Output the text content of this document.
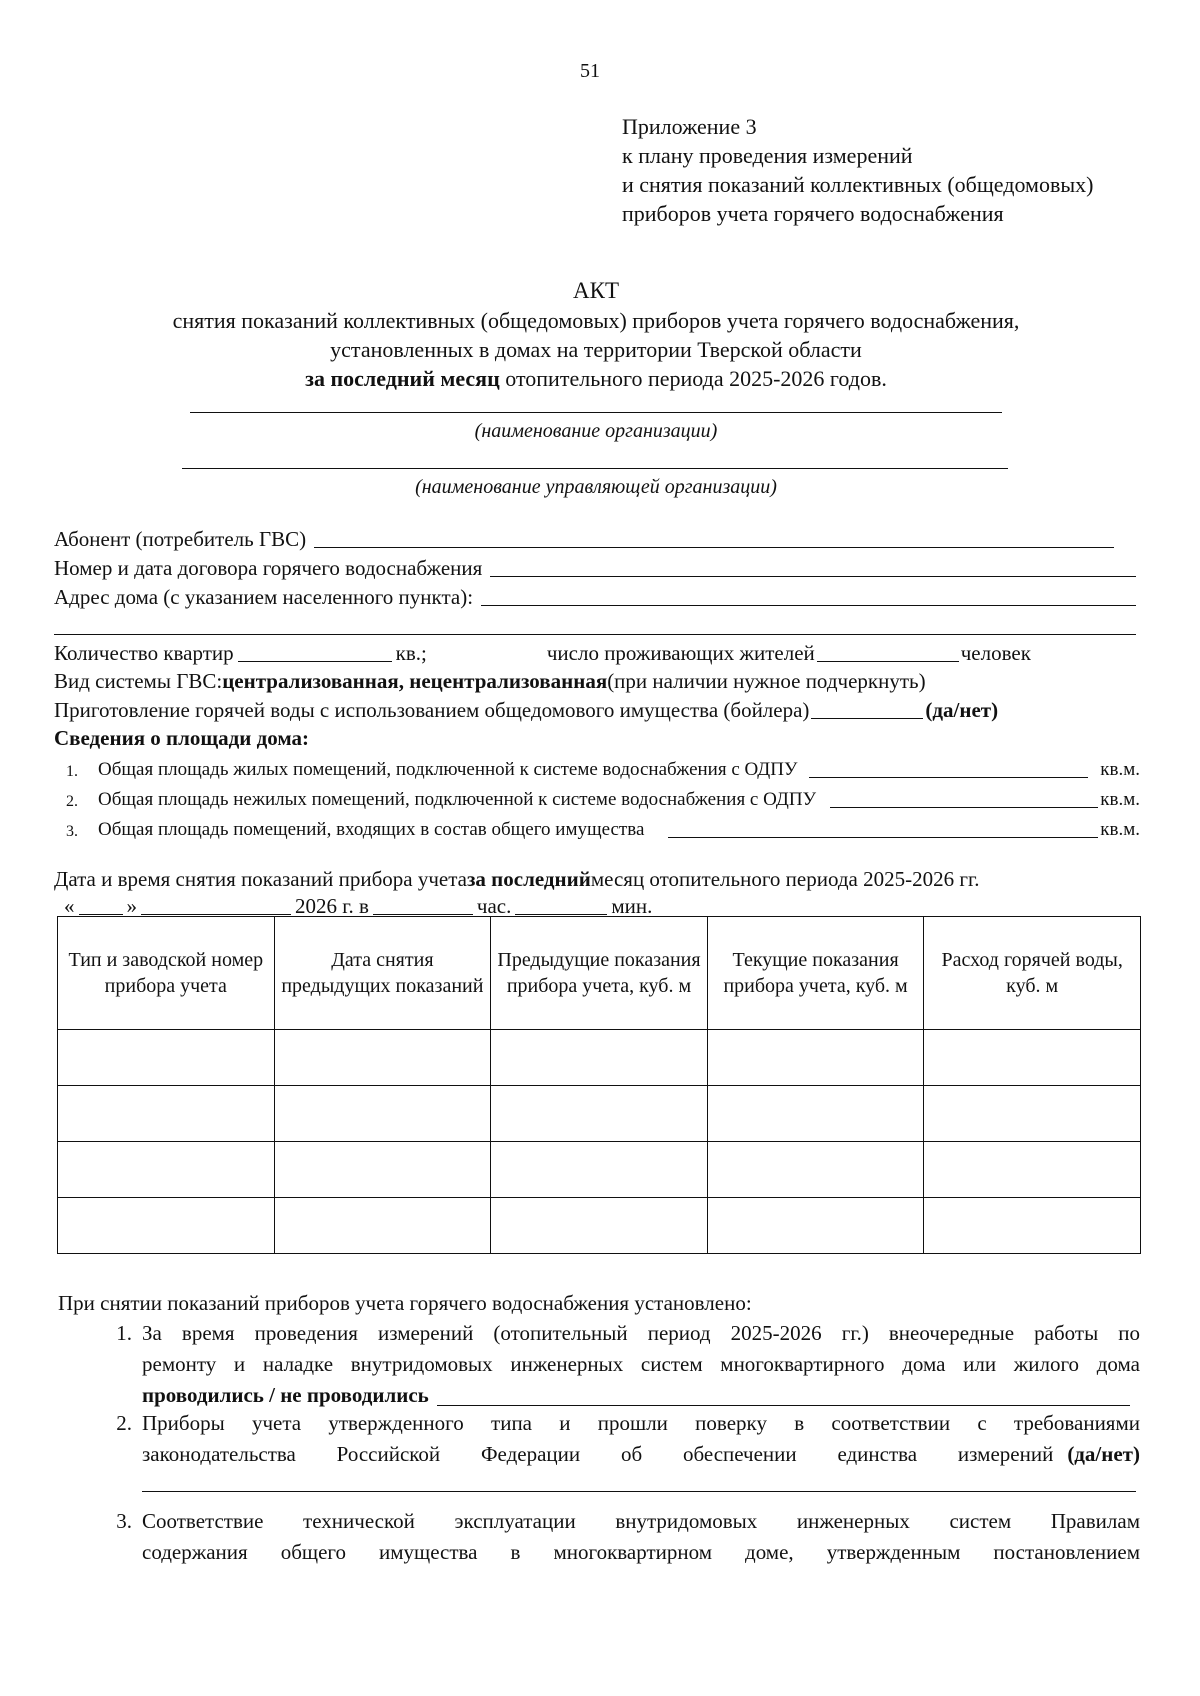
51
Приложение 3
к плану проведения измерений
и снятия показаний коллективных (общедомовых)
приборов учета горячего водоснабжения
АКТ
снятия показаний коллективных (общедомовых) приборов учета горячего водоснабжения,
установленных в домах на территории Тверской области
за последний месяц отопительного периода 2025-2026 годов.
(наименование организации)
(наименование управляющей организации)
Абонент (потребитель ГВС)
Номер и дата договора горячего водоснабжения
Адрес дома (с указанием населенного пункта):
Количество квартир	кв.;	число проживающих жителей	человек
Вид системы ГВС: централизованная, нецентрализованная (при наличии нужное подчеркнуть)
Приготовление горячей воды с использованием общедомового имущества (бойлера)	(да/нет)
Сведения о площади дома:
1.	Общая площадь жилых помещений, подключенной к системе водоснабжения с ОДПУ	кв.м.
2.	Общая площадь нежилых помещений, подключенной к системе водоснабжения с ОДПУ	кв.м.
3.	Общая площадь помещений, входящих в состав общего имущества	кв.м.
Дата и время снятия показаний прибора учета за последний месяц отопительного периода 2025-2026 гг.
« »	2026 г. в	час.	мин.
Тип и заводской номер прибора учета	Дата снятия предыдущих показаний	Предыдущие показания прибора учета, куб. м	Текущие показания прибора учета, куб. м	Расход горячей воды, куб. м

При снятии показаний приборов учета горячего водоснабжения установлено:
1. За время проведения измерений (отопительный период 2025-2026 гг.) внеочередные работы по
ремонту и наладке внутридомовых инженерных систем многоквартирного дома или жилого дома
проводились / не проводились
2. Приборы учета утвержденного типа и прошли поверку в соответствии с требованиями
законодательства Российской Федерации об обеспечении единства измерений (да/нет)
3. Соответствие технической эксплуатации внутридомовых инженерных систем Правилам
содержания общего имущества в многоквартирном доме, утвержденным постановлением
